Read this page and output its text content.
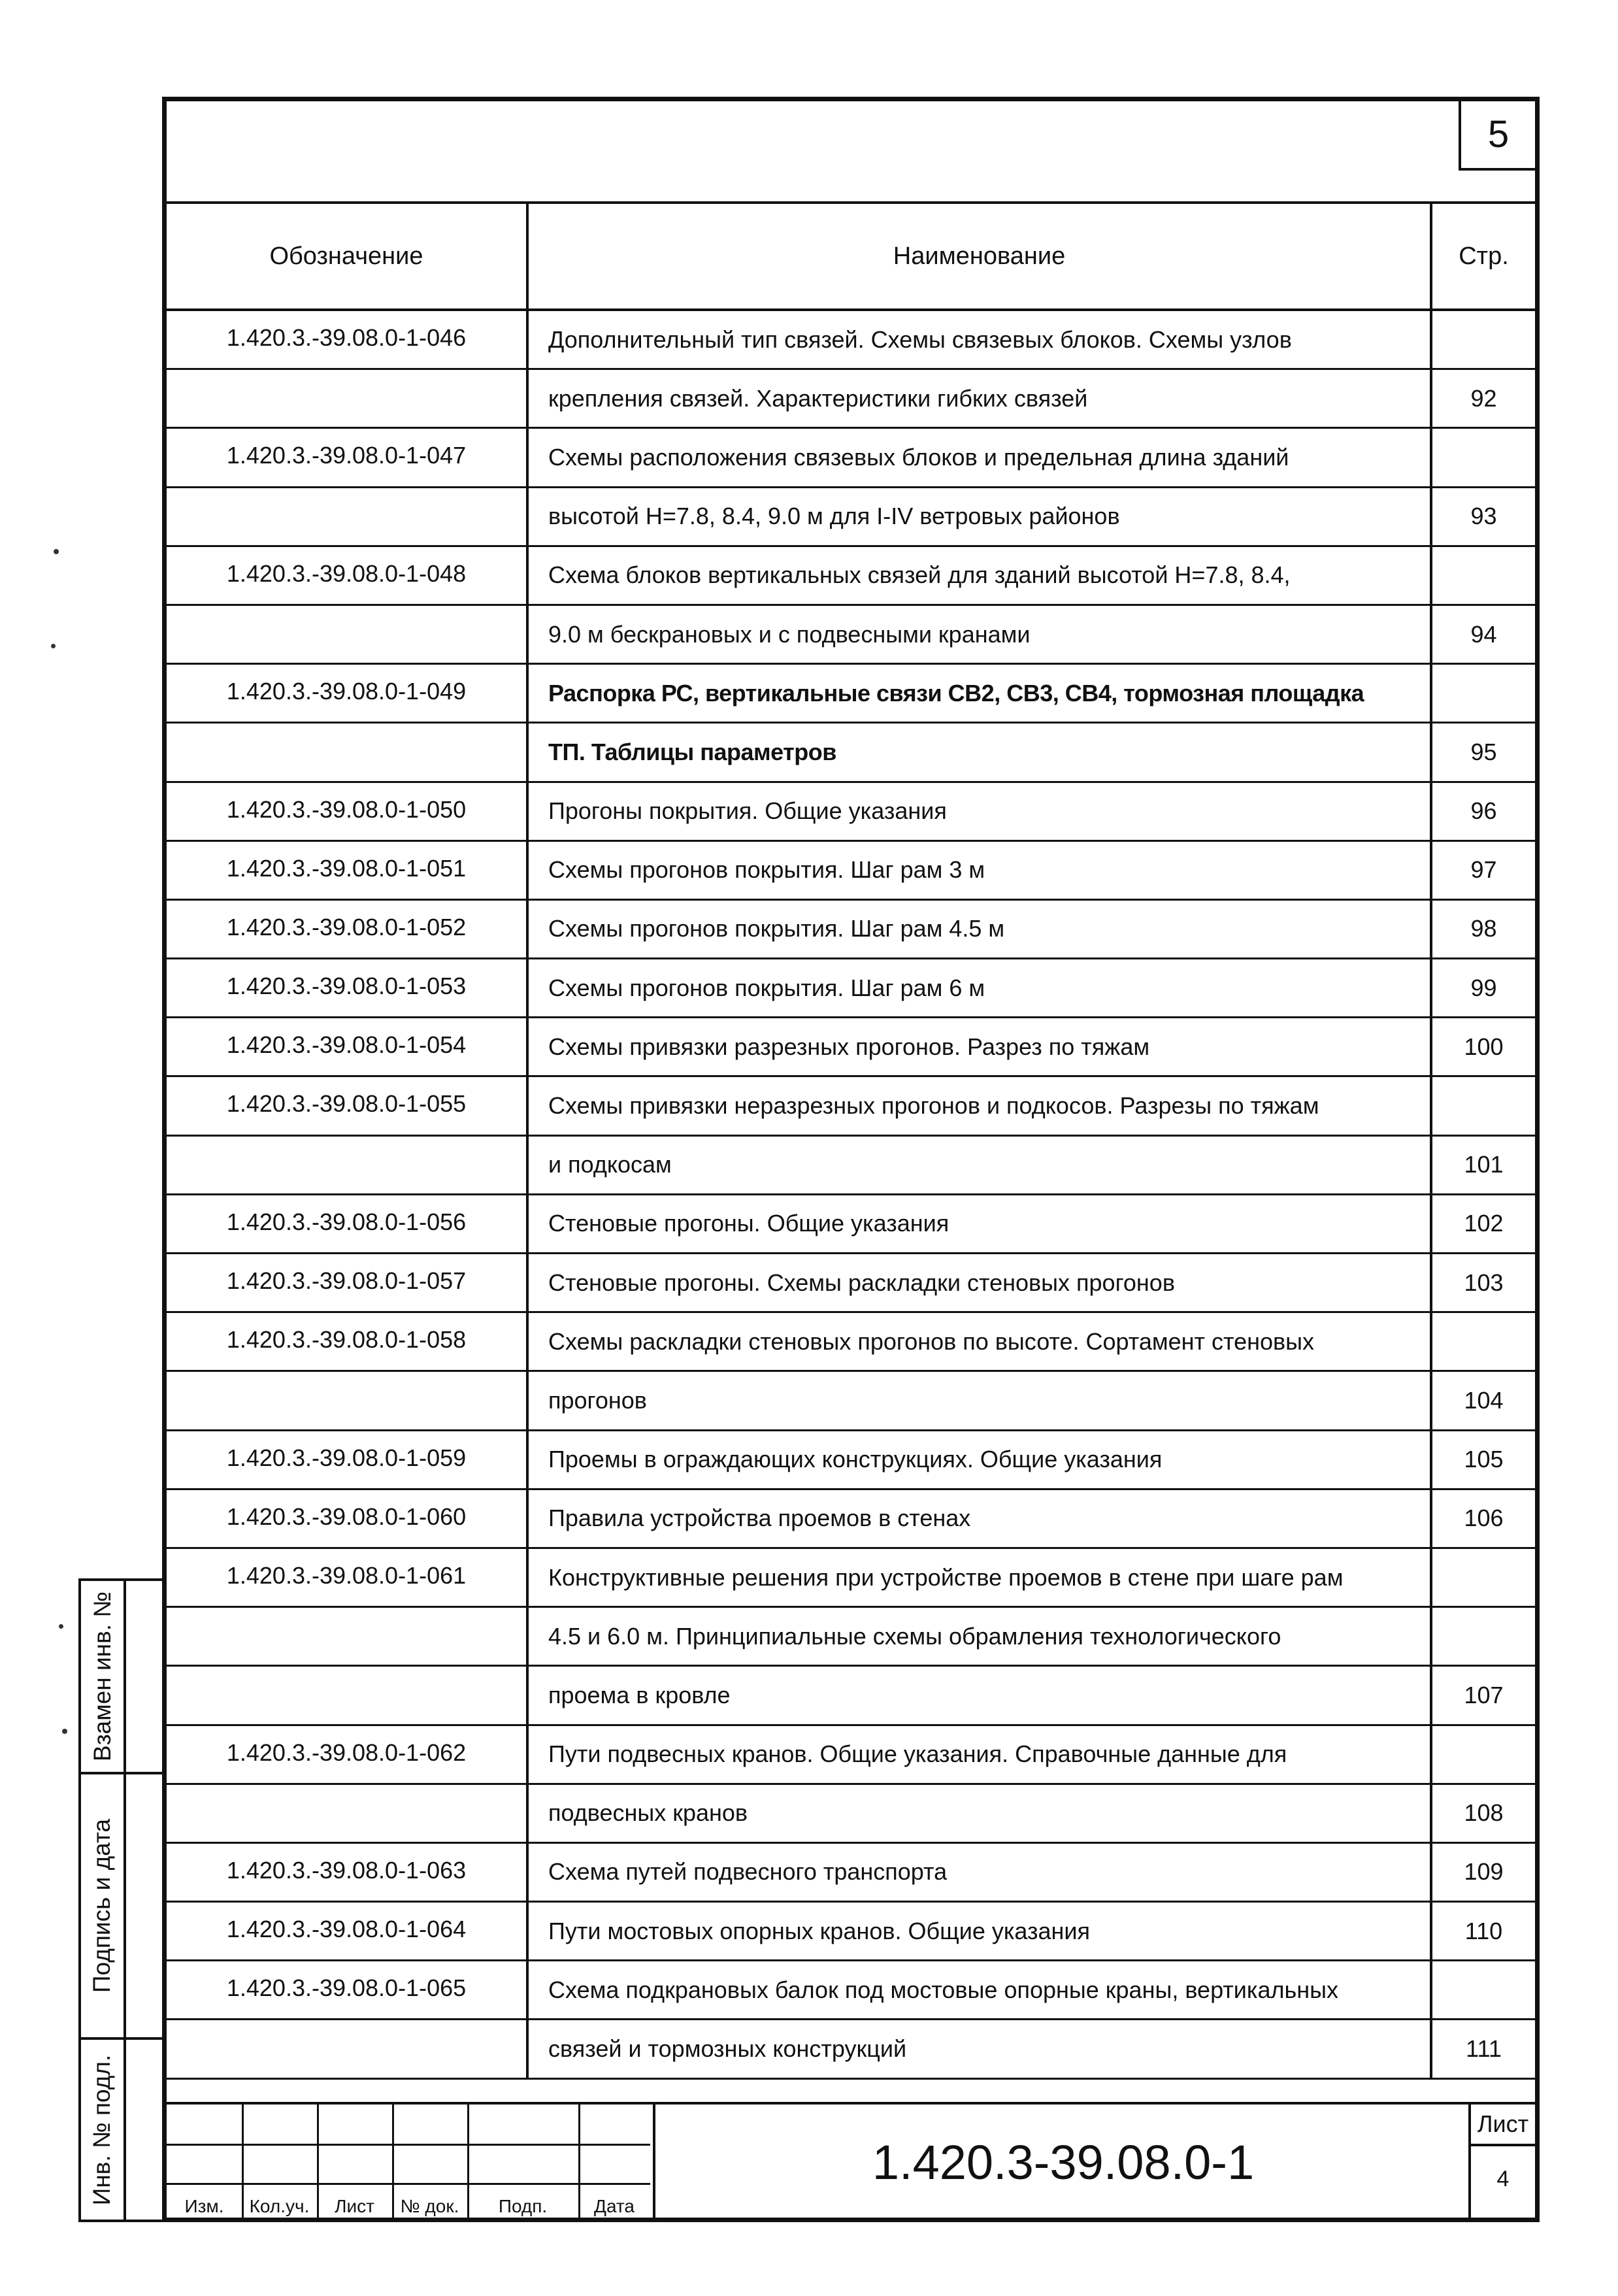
5
Обозначение	Наименование	Стр.
1.420.3.-39.08.0-1-046	Дополнительный тип связей. Схемы связевых блоков. Схемы узлов
крепления связей. Характеристики гибких связей	92
1.420.3.-39.08.0-1-047	Схемы расположения связевых блоков и предельная длина зданий
высотой Н=7.8, 8.4, 9.0 м для I-IV ветровых районов	93
1.420.3.-39.08.0-1-048	Схема блоков вертикальных связей для зданий высотой Н=7.8, 8.4,
9.0 м бескрановых и с подвесными кранами	94
1.420.3.-39.08.0-1-049	Распорка РС, вертикальные связи СВ2, СВ3, СВ4, тормозная площадка
ТП. Таблицы параметров	95
1.420.3.-39.08.0-1-050	Прогоны покрытия. Общие указания	96
1.420.3.-39.08.0-1-051	Схемы прогонов покрытия. Шаг рам 3 м	97
1.420.3.-39.08.0-1-052	Схемы прогонов покрытия. Шаг рам 4.5 м	98
1.420.3.-39.08.0-1-053	Схемы прогонов покрытия. Шаг рам 6 м	99
1.420.3.-39.08.0-1-054	Схемы привязки разрезных прогонов. Разрез по тяжам	100
1.420.3.-39.08.0-1-055	Схемы привязки неразрезных прогонов и подкосов. Разрезы по тяжам
и подкосам	101
1.420.3.-39.08.0-1-056	Стеновые прогоны. Общие указания	102
1.420.3.-39.08.0-1-057	Стеновые прогоны. Схемы раскладки стеновых прогонов	103
1.420.3.-39.08.0-1-058	Схемы раскладки стеновых прогонов по высоте. Сортамент стеновых
прогонов	104
1.420.3.-39.08.0-1-059	Проемы в ограждающих конструкциях. Общие указания	105
1.420.3.-39.08.0-1-060	Правила устройства проемов в стенах	106
1.420.3.-39.08.0-1-061	Конструктивные решения при устройстве проемов в стене при шаге рам
4.5 и 6.0 м. Принципиальные схемы обрамления технологического
проема в кровле	107
1.420.3.-39.08.0-1-062	Пути подвесных кранов. Общие указания. Справочные данные для
подвесных кранов	108
1.420.3.-39.08.0-1-063	Схема путей подвесного транспорта	109
1.420.3.-39.08.0-1-064	Пути мостовых опорных кранов. Общие указания	110
1.420.3.-39.08.0-1-065	Схема подкрановых балок под мостовые опорные краны, вертикальных
связей и тормозных конструкций	111
Изм.	Кол.уч.	Лист	№ док.	Подп.	Дата
1.420.3-39.08.0-1
Лист
4
Взамен инв. №
Подпись и дата
Инв. № подл.
